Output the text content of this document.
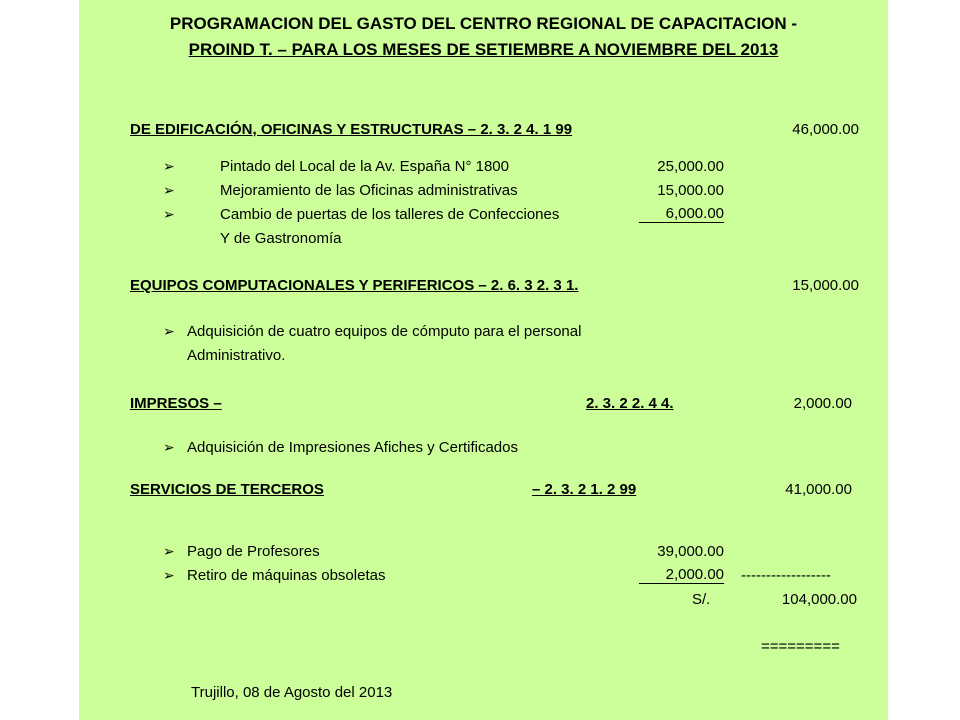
PROGRAMACION DEL GASTO DEL CENTRO REGIONAL DE CAPACITACION -
PROIND T. – PARA LOS MESES DE SETIEMBRE A NOVIEMBRE DEL 2013
DE EDIFICACIÓN, OFICINAS Y ESTRUCTURAS – 2. 3. 2 4. 1 99	46,000.00
➢	Pintado del Local de la Av. España N° 1800	25,000.00
➢	Mejoramiento de las Oficinas administrativas	15,000.00
➢	Cambio de puertas de los talleres de Confecciones	6,000.00
Y de Gastronomía
EQUIPOS COMPUTACIONALES Y PERIFERICOS – 2. 6. 3 2. 3 1.	15,000.00
➢ Adquisición de cuatro equipos de cómputo para el personal
Administrativo.
IMPRESOS –	2. 3. 2 2. 4 4.	2,000.00
➢ Adquisición de Impresiones Afiches y Certificados
SERVICIOS DE TERCEROS	– 2. 3. 2 1. 2 99	41,000.00
➢ Pago de Profesores	39,000.00
➢ Retiro de máquinas obsoletas	2,000.00 ------------------
S/.	104,000.00
=========
Trujillo, 08 de Agosto del 2013
